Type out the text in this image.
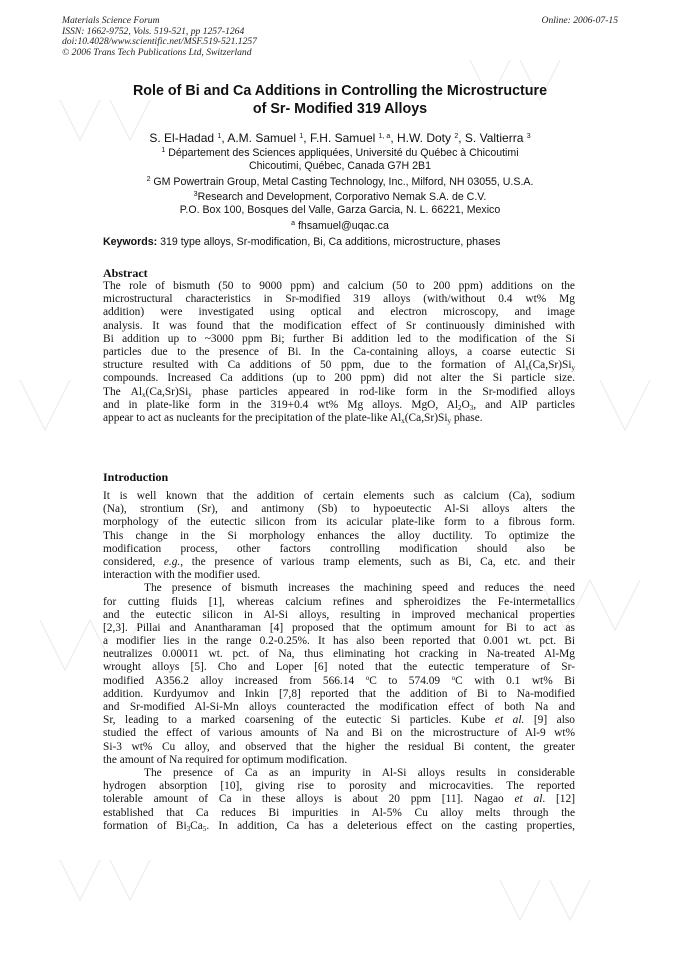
Materials Science Forum
ISSN: 1662-9752, Vols. 519-521, pp 1257-1264
doi:10.4028/www.scientific.net/MSF.519-521.1257
© 2006 Trans Tech Publications Ltd, Switzerland
Online: 2006-07-15
Role of Bi and Ca Additions in Controlling the Microstructure
of Sr- Modified 319 Alloys
S. El-Hadad $^1$, A.M. Samuel $^1$, F.H. Samuel $^{1, a}$, H.W. Doty $^2$, S. Valtierra $^3$
$^1$ Département des Sciences appliquées, Université du Québec à Chicoutimi
Chicoutimi, Québec, Canada G7H 2B1
$^2$ GM Powertrain Group, Metal Casting Technology, Inc., Milford, NH 03055, U.S.A.
$^3$Research and Development, Corporativo Nemak S.A. de C.V.
P.O. Box 100, Bosques del Valle, Garza Garcia, N. L. 66221, Mexico
$^a$ fhsamuel@uqac.ca
Keywords: 319 type alloys, Sr-modification, Bi, Ca additions, microstructure, phases
Abstract
The role of bismuth (50 to 9000 ppm) and calcium (50 to 200 ppm) additions on the
microstructural characteristics in Sr-modified 319 alloys (with/without 0.4 wt% Mg
addition) were investigated using optical and electron microscopy, and image
analysis. It was found that the modification effect of Sr continuously diminished with
Bi addition up to ~3000 ppm Bi; further Bi addition led to the modification of the Si
particles due to the presence of Bi. In the Ca-containing alloys, a coarse eutectic Si
structure resulted with Ca additions of 50 ppm, due to the formation of $Al_x(Ca,Sr)Si_y$
compounds. Increased Ca additions (up to 200 ppm) did not alter the Si particle size.
The $Al_x(Ca,Sr)Si_y$ phase particles appeared in rod-like form in the Sr-modified alloys
and in plate-like form in the 319+0.4 wt% Mg alloys. MgO, $Al_2O_3$, and AlP particles
appear to act as nucleants for the precipitation of the plate-like $Al_x(Ca,Sr)Si_y$ phase.
Introduction
It is well known that the addition of certain elements such as calcium (Ca), sodium
(Na), strontium (Sr), and antimony (Sb) to hypoeutectic Al-Si alloys alters the
morphology of the eutectic silicon from its acicular plate-like form to a fibrous form.
This change in the Si morphology enhances the alloy ductility. To optimize the
modification process, other factors controlling modification should also be
considered, e.g., the presence of various tramp elements, such as Bi, Ca, etc. and their
interaction with the modifier used.
The presence of bismuth increases the machining speed and reduces the need
for cutting fluids [1], whereas calcium refines and spheroidizes the Fe-intermetallics
and the eutectic silicon in Al-Si alloys, resulting in improved mechanical properties
[2,3]. Pillai and Anantharaman [4] proposed that the optimum amount for Bi to act as
a modifier lies in the range 0.2-0.25%. It has also been reported that 0.001 wt. pct. Bi
neutralizes 0.00011 wt. pct. of Na, thus eliminating hot cracking in Na-treated Al-Mg
wrought alloys [5]. Cho and Loper [6] noted that the eutectic temperature of Sr-
modified A356.2 alloy increased from 566.14 $^o$C to 574.09 $^o$C with 0.1 wt% Bi
addition. Kurdyumov and Inkin [7,8] reported that the addition of Bi to Na-modified
and Sr-modified Al-Si-Mn alloys counteracted the modification effect of both Na and
Sr, leading to a marked coarsening of the eutectic Si particles. Kube et al. [9] also
studied the effect of various amounts of Na and Bi on the microstructure of Al-9 wt%
Si-3 wt% Cu alloy, and observed that the higher the residual Bi content, the greater
the amount of Na required for optimum modification.
The presence of Ca as an impurity in Al-Si alloys results in considerable
hydrogen absorption [10], giving rise to porosity and microcavities. The reported
tolerable amount of Ca in these alloys is about 20 ppm [11]. Nagao et al. [12]
established that Ca reduces Bi impurities in Al-5% Cu alloy melts through the
formation of $Bi_3Ca_5$. In addition, Ca has a deleterious effect on the casting properties,
